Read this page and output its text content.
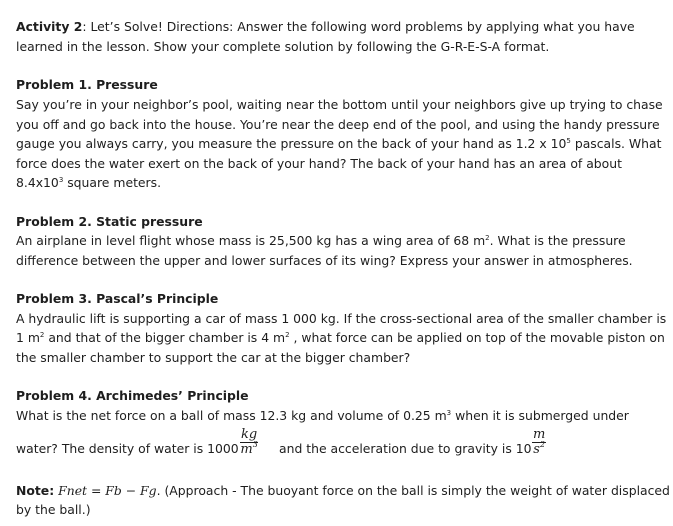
Activity 2: Let’s Solve! Directions: Answer the following word problems by applying what you have
learned in the lesson. Show your complete solution by following the G-R-E-S-A format.
Problem 1. Pressure
Say you’re in your neighbor’s pool, waiting near the bottom until your neighbors give up trying to chase
you off and go back into the house. You’re near the deep end of the pool, and using the handy pressure
gauge you always carry, you measure the pressure on the back of your hand as 1.2 x $10^5$ pascals. What
force does the water exert on the back of your hand? The back of your hand has an area of about
$8.4x10^3$ square meters.
Problem 2. Static pressure
An airplane in level flight whose mass is 25,500 kg has a wing area of 68 $m^2$. What is the pressure
difference between the upper and lower surfaces of its wing? Express your answer in atmospheres.
Problem 3. Pascal’s Principle
A hydraulic lift is supporting a car of mass 1 000 kg. If the cross-sectional area of the smaller chamber is
1 $m^2$ and that of the bigger chamber is 4 $m^2$ , what force can be applied on top of the movable piston on
the smaller chamber to support the car at the bigger chamber?
Problem 4. Archimedes’ Principle
What is the net force on a ball of mass 12.3 kg and volume of 0.25 $m^3$ when it is submerged under
water? The density of water is 1000
kg
$m^3$ and the acceleration due to gravity is 10
m
$s^2$
Note: Fnet = Fb − Fg. (Approach - The buoyant force on the ball is simply the weight of water displaced
by the ball.)
